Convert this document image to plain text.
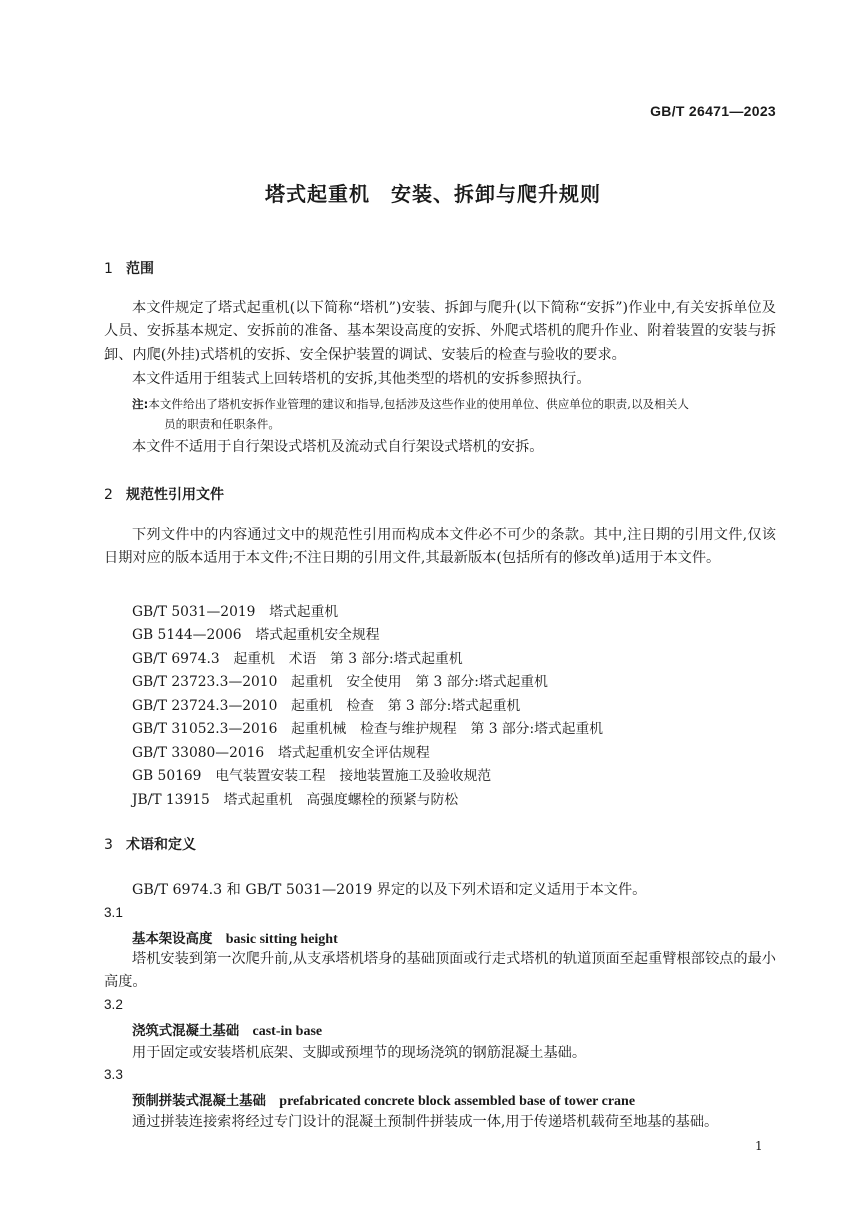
GB/T 26471—2023
塔式起重机　安装、拆卸与爬升规则
1 范围
本文件规定了塔式起重机(以下简称“塔机”)安装、拆卸与爬升(以下简称“安拆”)作业中,有关安拆单位及人员、安拆基本规定、安拆前的准备、基本架设高度的安拆、外爬式塔机的爬升作业、附着装置的安装与拆卸、内爬(外挂)式塔机的安拆、安全保护装置的调试、安装后的检查与验收的要求。
本文件适用于组装式上回转塔机的安拆,其他类型的塔机的安拆参照执行。
注:本文件给出了塔机安拆作业管理的建议和指导,包括涉及这些作业的使用单位、供应单位的职责,以及相关人
员的职责和任职条件。
本文件不适用于自行架设式塔机及流动式自行架设式塔机的安拆。
2 规范性引用文件
下列文件中的内容通过文中的规范性引用而构成本文件必不可少的条款。其中,注日期的引用文件,仅该日期对应的版本适用于本文件;不注日期的引用文件,其最新版本(包括所有的修改单)适用于本文件。
GB/T 5031—2019　塔式起重机
GB 5144—2006　塔式起重机安全规程
GB/T 6974.3　起重机　术语　第 3 部分:塔式起重机
GB/T 23723.3—2010　起重机　安全使用　第 3 部分:塔式起重机
GB/T 23724.3—2010　起重机　检查　第 3 部分:塔式起重机
GB/T 31052.3—2016　起重机械　检查与维护规程　第 3 部分:塔式起重机
GB/T 33080—2016　塔式起重机安全评估规程
GB 50169　电气装置安装工程　接地装置施工及验收规范
JB/T 13915　塔式起重机　高强度螺栓的预紧与防松
3 术语和定义
GB/T 6974.3 和 GB/T 5031—2019 界定的以及下列术语和定义适用于本文件。
3.1
基本架设高度　 basic sitting height
塔机安装到第一次爬升前,从支承塔机塔身的基础顶面或行走式塔机的轨道顶面至起重臂根部铰点的最小高度。
3.2
浇筑式混凝土基础　 cast-in base
用于固定或安装塔机底架、支脚或预埋节的现场浇筑的钢筋混凝土基础。
3.3
预制拼装式混凝土基础　 prefabricated concrete block assembled base of tower crane
通过拼装连接索将经过专门设计的混凝土预制件拼装成一体,用于传递塔机载荷至地基的基础。
1
